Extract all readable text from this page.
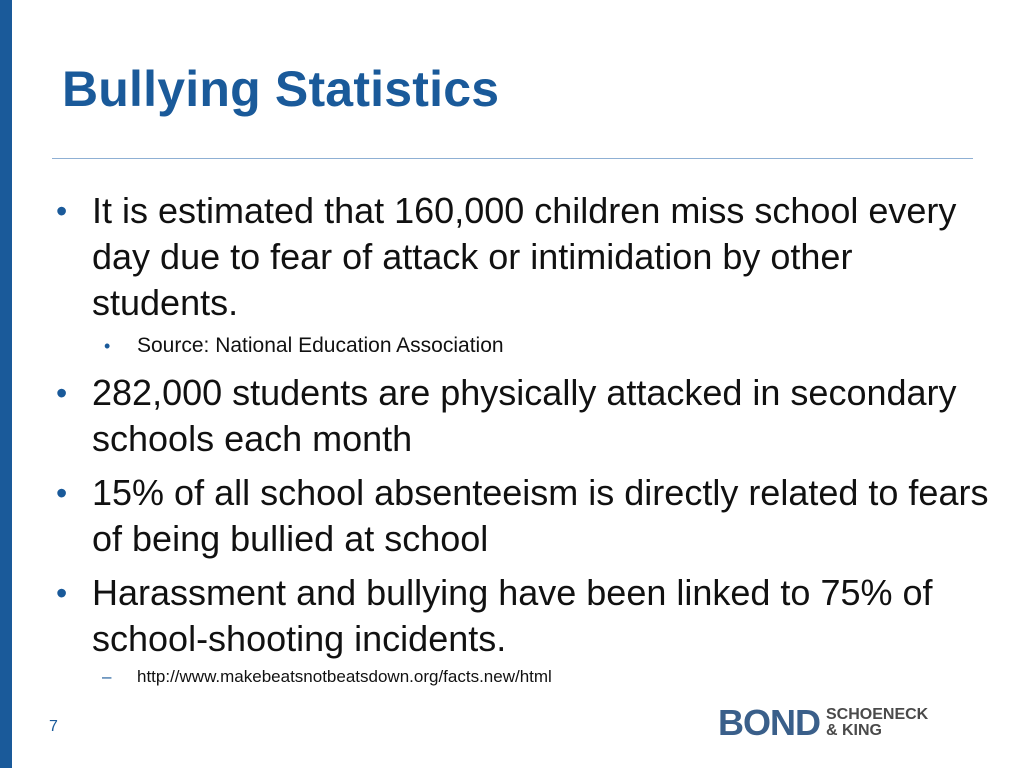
Bullying Statistics
• It is estimated that 160,000 children miss school every day due to fear of attack or intimidation by other students.
• Source: National Education Association
• 282,000 students are physically attacked in secondary schools each month
• 15% of all school absenteeism is directly related to fears of being bullied at school
• Harassment and bullying have been linked to 75% of school-shooting incidents.
– http://www.makebeatsnotbeatsdown.org/facts.new/html
7	BOND SCHOENECK
& KING
